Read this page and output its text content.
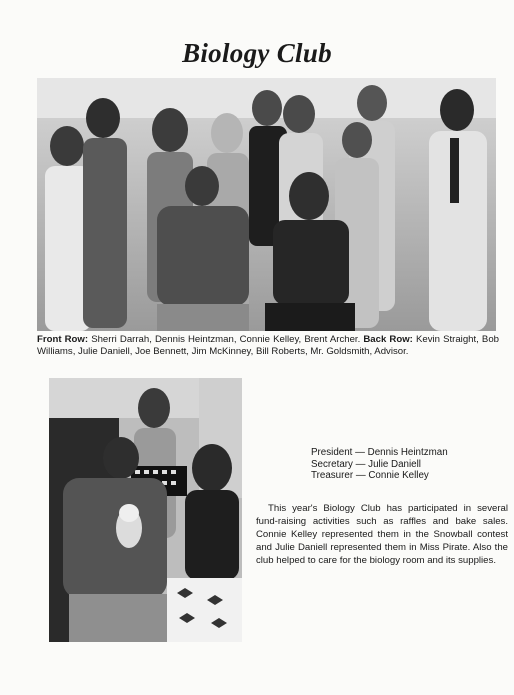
Biology Club
Front Row: Sherri Darrah, Dennis Heintzman, Connie Kelley, Brent Archer. Back Row: Kevin Straight, Bob Williams, Julie Daniell, Joe Bennett, Jim McKinney, Bill Roberts, Mr. Goldsmith, Advisor.
President — Dennis Heintzman
Secretary — Julie Daniell
Treasurer — Connie Kelley
This year's Biology Club has participated in several fund-raising activities such as raffles and bake sales. Connie Kelley represented them in the Snowball contest and Julie Daniell represented them in Miss Pirate. Also the club helped to care for the biology room and its supplies.
